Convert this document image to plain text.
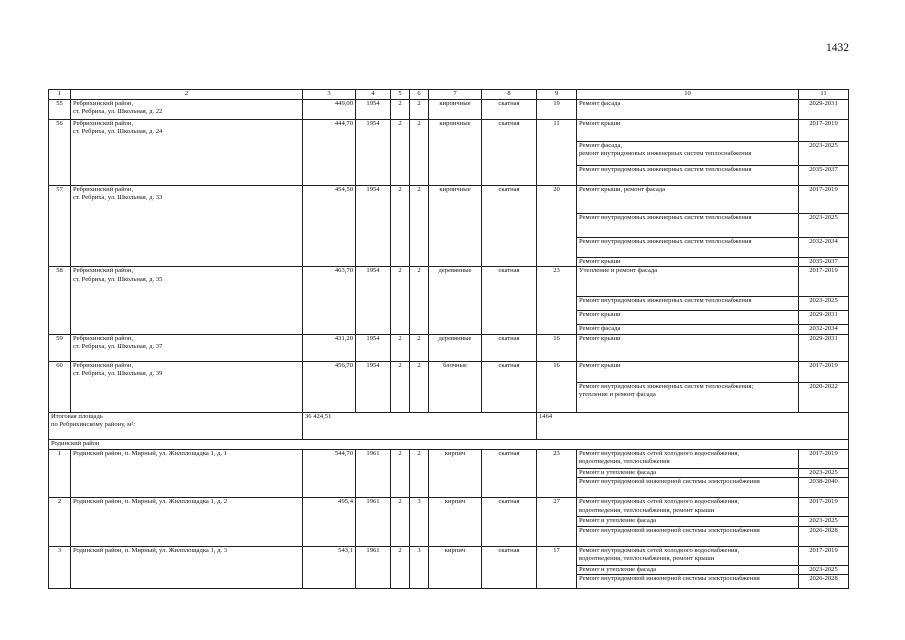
1432
1	2	3	4	5	6	7	8	9	10	11
55	Ребрихинский район,
ст. Ребриха, ул. Школьная, д. 22	449,00	1954	2	2	кирпичные	скатная	19	Ремонт фасада	2029-2031
56	Ребрихинский район,
ст. Ребриха, ул. Школьная, д. 24	444,70	1954	2	2	кирпичные	скатная	11	Ремонт крыши	2017-2019

									Ремонт фасада,
ремонт внутридомовых инженерных систем теплоснабжения	2023-2025
									Ремонт внутридомовых инженерных систем теплоснабжения	2035-2037
57	Ребрихинский район,
ст. Ребриха, ул. Школьная, д. 33	454,50	1954	2	2	кирпичные	скатная	20	Ремонт крыши, ремонт фасада	2017-2019
									Ремонт внутридомовых инженерных систем теплоснабжения	2023-2025
									Ремонт внутридомовых инженерных систем теплоснабжения	2032-2034
									Ремонт крыши	2035-2037
58	Ребрихинский район,
ст. Ребриха, ул. Школьная, д. 35	463,70	1954	2	2	деревянные	скатная	23	Утепление и ремонт фасада	2017-2019
									Ремонт внутридомовых инженерных систем теплоснабжения	2023-2025
									Ремонт крыши	2029-2031
									Ремонт фасада	2032-2034
59	Ребрихинский район,
ст. Ребриха, ул. Школьная, д. 37	431,20	1954	2	2	деревянные	скатная	16	Ремонт крыши	2029-2031
60	Ребрихинский район,
ст. Ребриха, ул. Школьная, д. 39	456,70	1954	2	2	блочные	скатная	16	Ремонт крыши	2017-2019

									Ремонт внутридомовых инженерных систем теплоснабжения;
утепление и ремонт фасада	2020-2022

Итоговая площадь
по Ребрихинскому району, м²:		36 424,51						1464		
Родинский район										
1	Родинский район, п. Мирный, ул. Жилплощадка 1, д. 1	544,70	1961	2	2	кирпич	скатная	23	Ремонт внутридомовых сетей холодного водоснабжения,
водоотведения, теплоснабжения	2017-2019
									Ремонт и утепление фасада	2023-2025
									Ремонт внутридомовой инженерной системы электроснабжения	2038-2040
2	Родинский район, п. Мирный, ул. Жилплощадка 1, д. 2	495,4	1961	2	3	кирпич	скатная	27	Ремонт внутридомовых сетей холодного водоснабжения,
водоотведения, теплоснабжения, ремонт крыши	2017-2019
									Ремонт и утепление фасада	2023-2025
									Ремонт внутридомовой инженерной системы электроснабжения	2026-2028
3	Родинский район, п. Мирный, ул. Жилплощадка 1, д. 3	543,1	1961	2	3	кирпич	скатная	17	Ремонт внутридомовых сетей холодного водоснабжения,
водоотведения, теплоснабжения, ремонт крыши	2017-2019
									Ремонт и утепление фасада	2023-2025
									Ремонт внутридомовой инженерной системы электроснабжения	2026-2028
